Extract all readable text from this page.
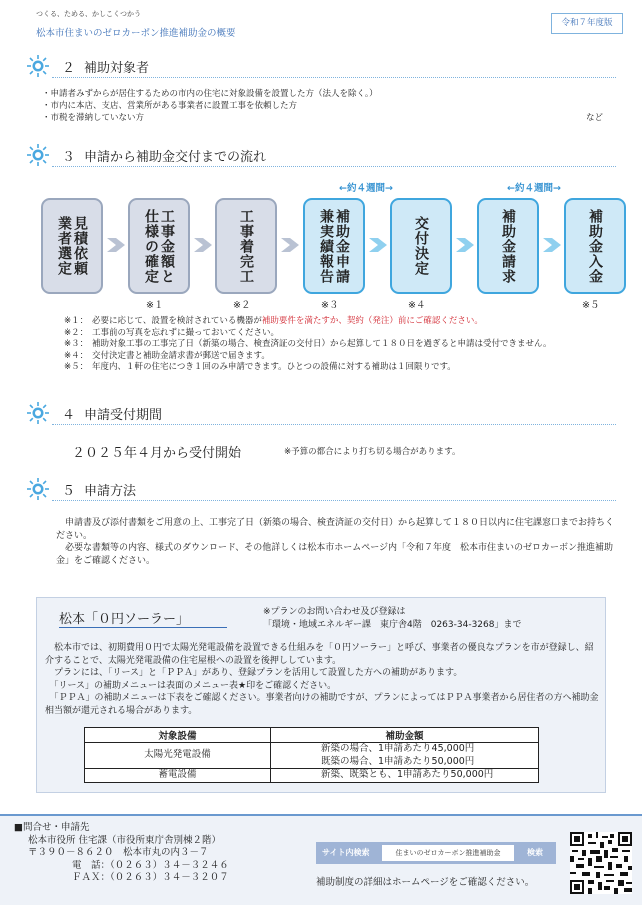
つくる、ためる、かしこくつかう
松本市住まいのゼロカーボン推進補助金の概要
令和７年度版
２ 補助対象者
・申請者みずからが居住するための市内の住宅に対象設備を設置した方（法人を除く。）
・市内に本店、支店、営業所がある事業者に設置工事を依頼した方
・市税を滞納していない方	など
３ 申請から補助金交付までの流れ
←約４週間→	←約４週間→
見積依頼
業者選定	工事金額と
仕様の確定
※１
工事着完工
※２
補助金申請
兼実績報告
※３
交付決定
※４
補助金請求	補助金入金
※５
※１： 必要に応じて、設置を検討されている機器が補助要件を満たすか、契約（発注）前にご確認ください。
※２： 工事前の写真を忘れずに撮っておいてください。
※３： 補助対象工事の工事完了日（新築の場合、検査済証の交付日）から起算して１８０日を過ぎると申請は受付できません。
※４： 交付決定書と補助金請求書が郵送で届きます。
※５： 年度内、１軒の住宅につき１回のみ申請できます。ひとつの設備に対する補助は１回限りです。
４ 申請受付期間
２０２５年４月から受付開始	※予算の都合により打ち切る場合があります。
５ 申請方法

申請書及び添付書類をご用意の上、工事完了日（新築の場合、検査済証の交付日）から起算して１８０日以内に住宅課窓口までお持ちください。

必要な書類等の内容、様式のダウンロード、その他詳しくは松本市ホームページ内「令和７年度　松本市住まいのゼロカーボン推進補助金」をご確認ください。

松本「０円ソーラー」	※プランのお問い合わせ及び登録は
「環境・地域エネルギー課　東庁舎4階　0263-34-3268」まで

　松本市では、初期費用０円で太陽光発電設備を設置できる仕組みを「０円ソーラー」と呼び、事業者の優良なプランを市が登録し、紹介することで、太陽光発電設備の住宅屋根への設置を後押ししています。

　プランには、「リース」と「ＰＰＡ」があり、登録プランを活用して設置した方への補助があります。

　「リース」の補助メニューは表面のメニュー表★印をご確認ください。

　「ＰＰＡ」の補助メニューは下表をご確認ください。事業者向けの補助ですが、プランによってはＰＰＡ事業者から居住者の方へ補助金相当額が還元される場合があります。

対象設備	補助金額
太陽光発電設備	新築の場合、1申請あたり45,000円
既築の場合、1申請あたり50,000円

蓄電設備	新築、既築とも、1申請あたり50,000円
■問合せ・申請先
松本市役所 住宅課（市役所東庁舎別棟２階）
〒３９０－８６２０　松本市丸の内３－７
電　話：（０２６３）３４－３２４６
ＦＡＸ：（０２６３）３４－３２０７
サイト内検索	住まいのゼロカーボン推進補助金	検索
補助制度の詳細はホームページをご確認ください。
